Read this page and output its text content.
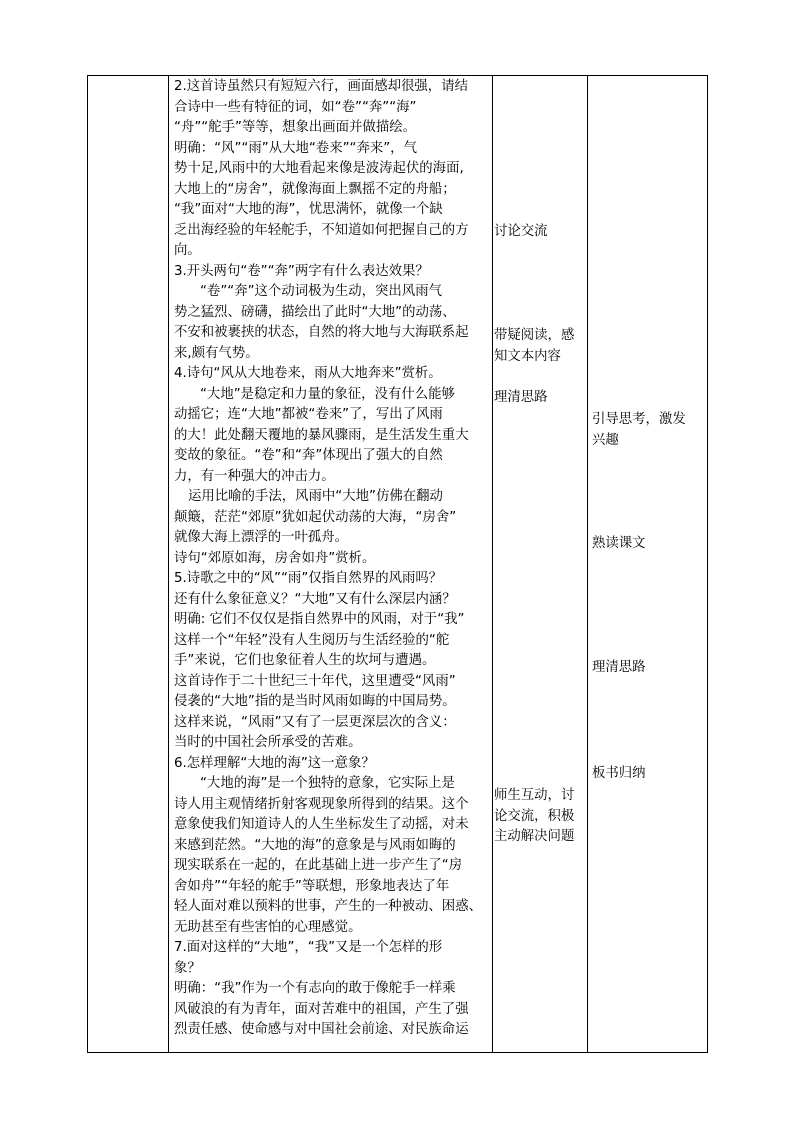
2.这首诗虽然只有短短六行，画面感却很强，请结
合诗中一些有特征的词，如“卷”“奔”“海”
“舟”“舵手”等等，想象出画面并做描绘。
明确：“风”“雨”从大地“卷来”“奔来”，气
势十足,风雨中的大地看起来像是波涛起伏的海面,
大地上的“房舍”，就像海面上飘摇不定的舟船；
“我”面对“大地的海”，忧思满怀，就像一个缺
乏出海经验的年轻舵手，不知道如何把握自己的方
向。
3.开头两句“卷”“奔”两字有什么表达效果？
“卷”“奔”这个动词极为生动，突出风雨气
势之猛烈、磅礴，描绘出了此时“大地”的动荡、
不安和被裹挟的状态，自然的将大地与大海联系起
来,颇有气势。
4.诗句“风从大地卷来，雨从大地奔来”赏析。
“大地”是稳定和力量的象征，没有什么能够
动摇它；连“大地”都被“卷来”了，写出了风雨
的大！此处翻天覆地的暴风骤雨，是生活发生重大
变故的象征。“卷”和“奔”体现出了强大的自然
力，有一种强大的冲击力。
运用比喻的手法，风雨中“大地”仿佛在翻动
颠簸，茫茫“郊原”犹如起伏动荡的大海，“房舍”
就像大海上漂浮的一叶孤舟。
诗句“郊原如海，房舍如舟”赏析。
5.诗歌之中的“风”“雨”仅指自然界的风雨吗？
还有什么象征意义？“大地”又有什么深层内涵？
明确: 它们不仅仅是指自然界中的风雨，对于“我”
这样一个“年轻”没有人生阅历与生活经验的“舵
手”来说，它们也象征着人生的坎坷与遭遇。
这首诗作于二十世纪三十年代，这里遭受“风雨”
侵袭的“大地”指的是当时风雨如晦的中国局势。
这样来说，“风雨”又有了一层更深层次的含义：
当时的中国社会所承受的苦难。
6.怎样理解“大地的海”这一意象？
“大地的海”是一个独特的意象，它实际上是
诗人用主观情绪折射客观现象所得到的结果。这个
意象使我们知道诗人的人生坐标发生了动摇，对未
来感到茫然。“大地的海”的意象是与风雨如晦的
现实联系在一起的，在此基础上进一步产生了“房
舍如舟”“年轻的舵手”等联想，形象地表达了年
轻人面对难以预料的世事，产生的一种被动、困惑、
无助甚至有些害怕的心理感觉。
7.面对这样的“大地”，“我”又是一个怎样的形
象？
明确：“我”作为一个有志向的敢于像舵手一样乘
风破浪的有为青年，面对苦难中的祖国，产生了强
烈责任感、使命感与对中国社会前途、对民族命运
讨论交流
带疑阅读，感
知文本内容
理清思路
师生互动，讨
论交流，积极
主动解决问题
引导思考，激发
兴趣
熟读课文
理清思路
板书归纳
